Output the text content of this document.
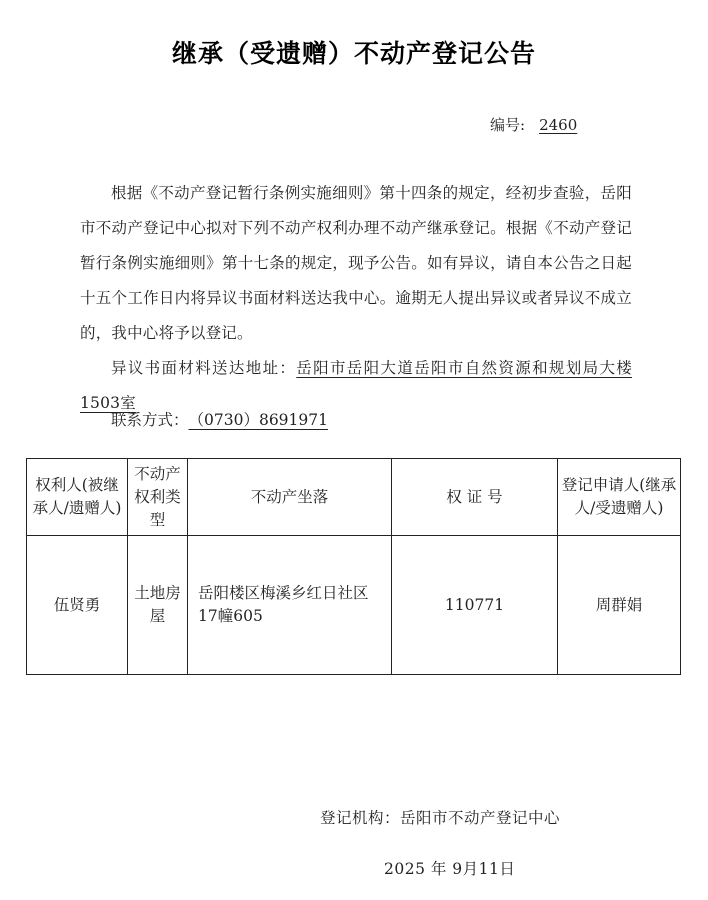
继承（受遗赠）不动产登记公告
编号: 2460

根据《不动产登记暂行条例实施细则》第十四条的规定，经初步查验，岳阳市不动产登记中心拟对下列不动产权利办理不动产继承登记。根据《不动产登记暂行条例实施细则》第十七条的规定，现予公告。如有异议，请自本公告之日起十五个工作日内将异议书面材料送达我中心。逾期无人提出异议或者异议不成立的，我中心将予以登记。

异议书面材料送达地址：岳阳市岳阳大道岳阳市自然资源和规划局大楼1503室

联系方式：（0730）8691971
权利人(被继承人/遗赠人)	不动产权利类型	不动产坐落	权 证 号	登记申请人(继承人/受遗赠人)
伍贤勇	土地房屋	岳阳楼区梅溪乡红日社区17幢605	110771	周群娟
登记机构：岳阳市不动产登记中心
2025 年 9月11日
